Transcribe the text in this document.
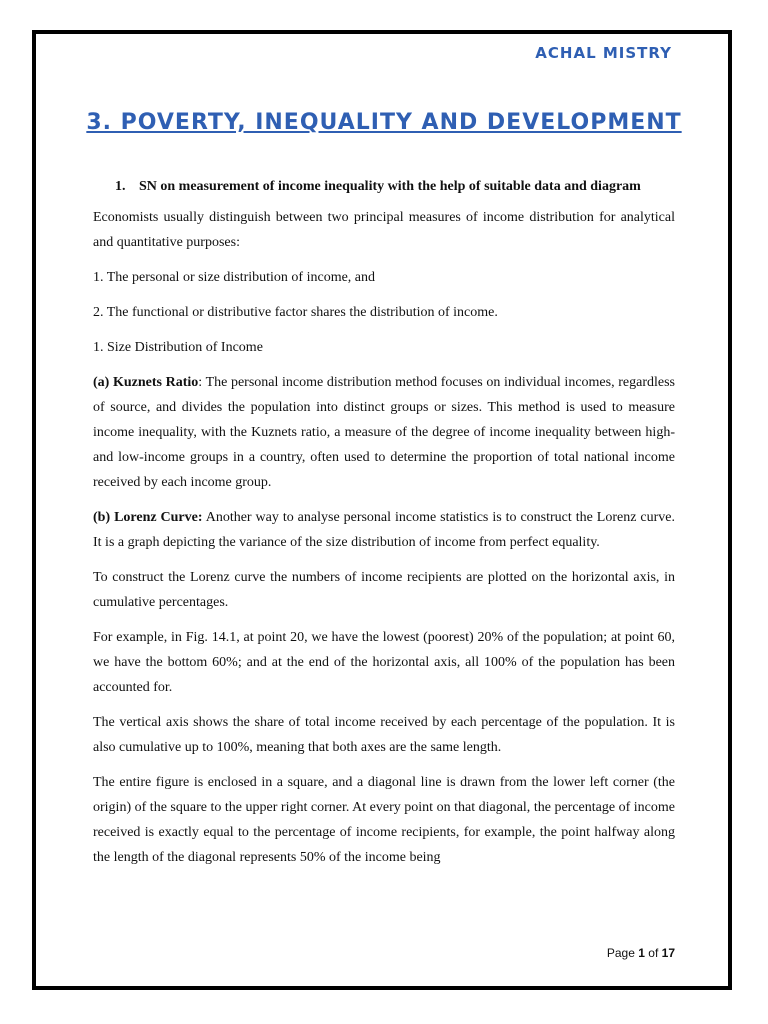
ACHAL MISTRY
3. POVERTY, INEQUALITY AND DEVELOPMENT
1. SN on measurement of income inequality with the help of suitable data and diagram

Economists usually distinguish between two principal measures of income distribution for analytical and quantitative purposes:

1. The personal or size distribution of income, and

2. The functional or distributive factor shares the distribution of income.

1. Size Distribution of Income

(a) Kuznets Ratio: The personal income distribution method focuses on individual incomes, regardless of source, and divides the population into distinct groups or sizes. This method is used to measure income inequality, with the Kuznets ratio, a measure of the degree of income inequality between high- and low-income groups in a country, often used to determine the proportion of total national income received by each income group.

(b) Lorenz Curve: Another way to analyse personal income statistics is to construct the Lorenz curve. It is a graph depicting the variance of the size distribution of income from perfect equality.

To construct the Lorenz curve the numbers of income recipients are plotted on the horizontal axis, in cumulative percentages.

For example, in Fig. 14.1, at point 20, we have the lowest (poorest) 20% of the population; at point 60, we have the bottom 60%; and at the end of the horizontal axis, all 100% of the population has been accounted for.

The vertical axis shows the share of total income received by each percentage of the population. It is also cumulative up to 100%, meaning that both axes are the same length.

The entire figure is enclosed in a square, and a diagonal line is drawn from the lower left corner (the origin) of the square to the upper right corner. At every point on that diagonal, the percentage of income received is exactly equal to the percentage of income recipients, for example, the point halfway along the length of the diagonal represents 50% of the income being

Page 1 of 17
